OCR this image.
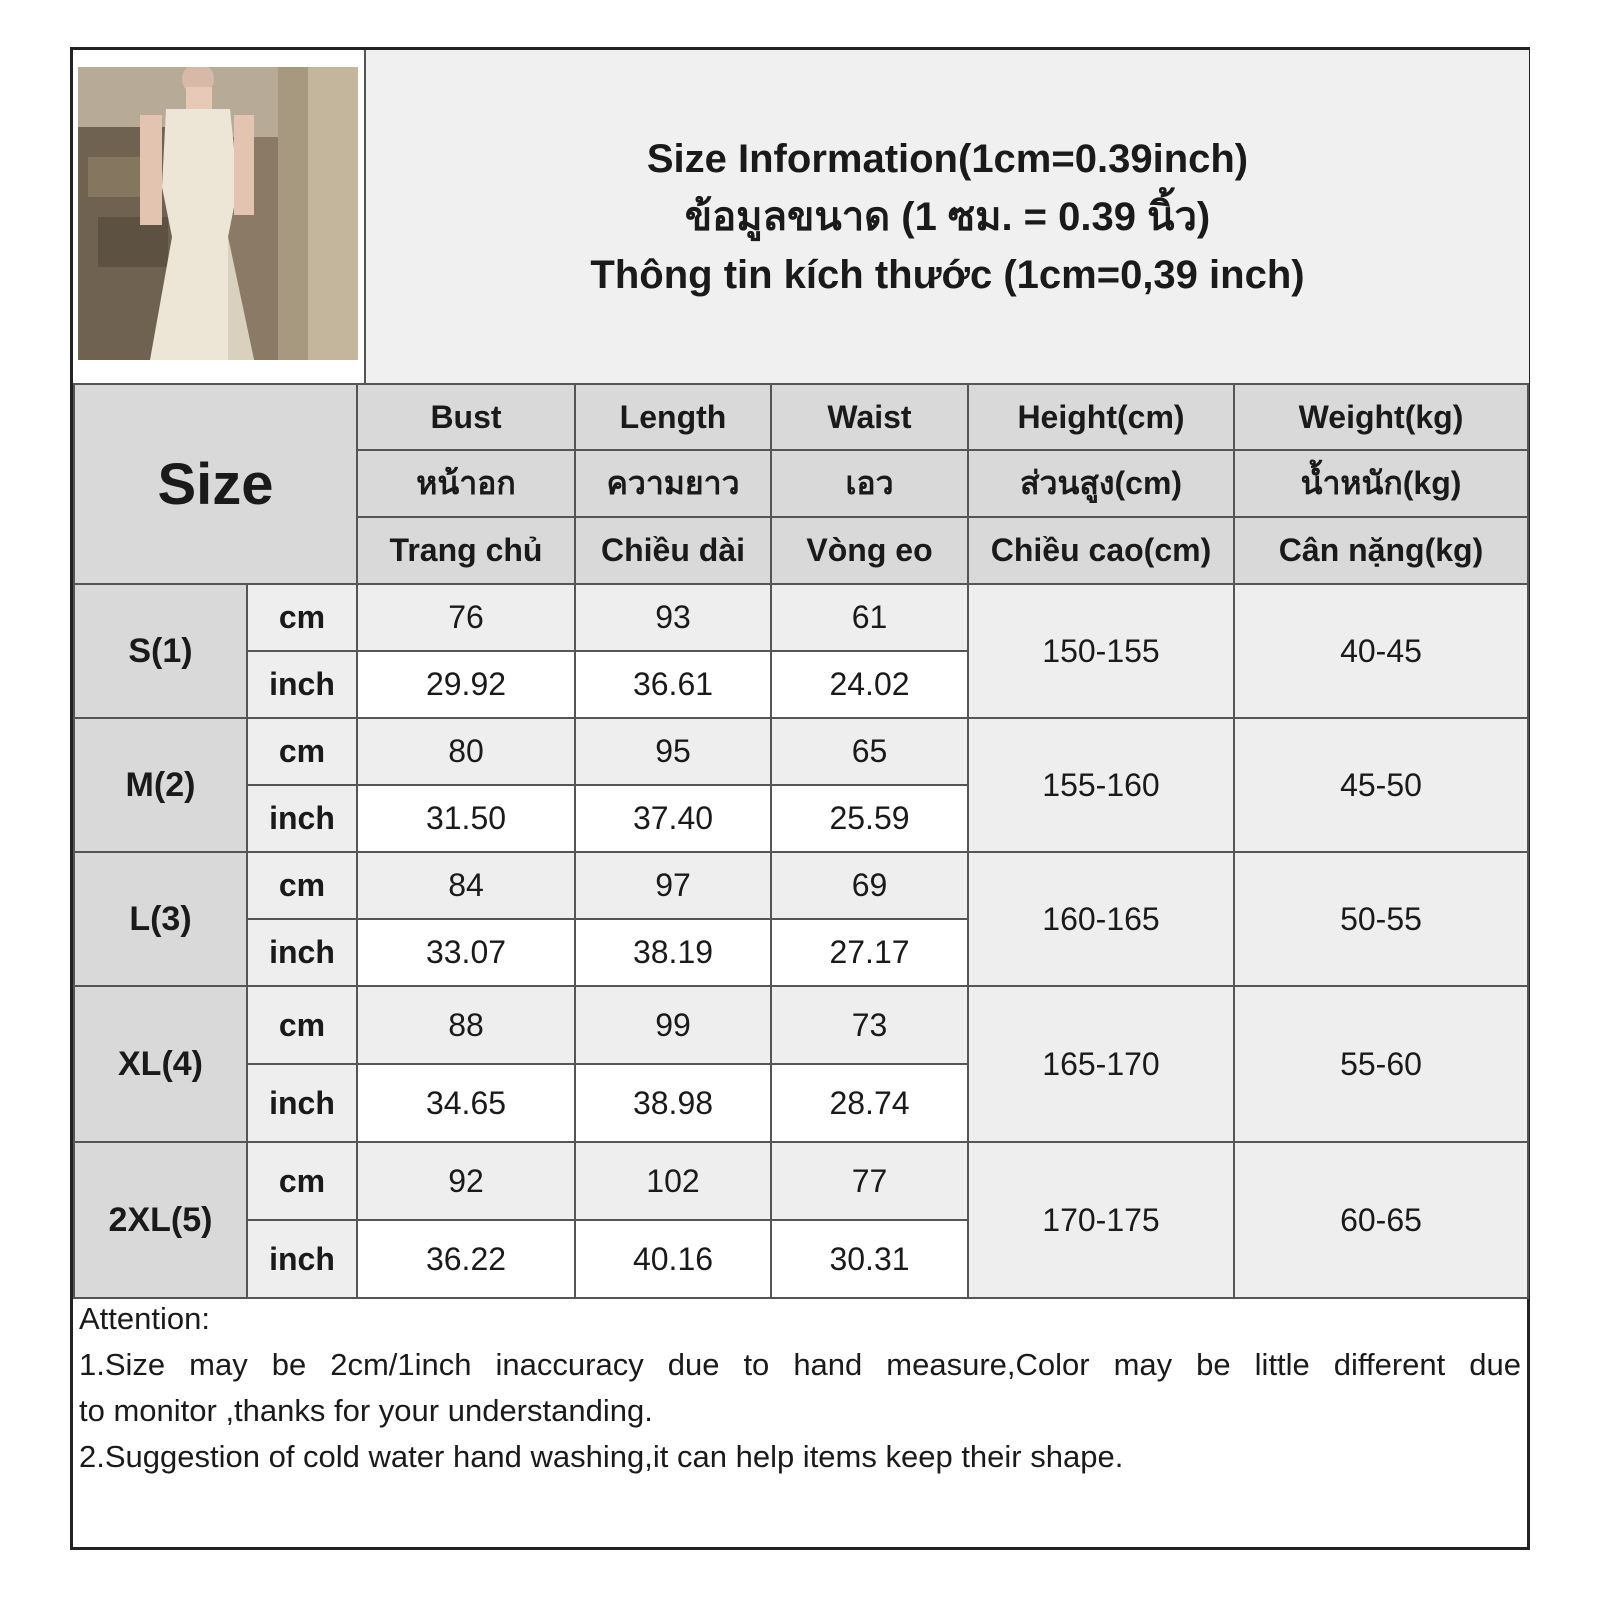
Size Information(1cm=0.39inch)
ข้อมูลขนาด (1 ซม. = 0.39 นิ้ว)
Thông tin kích thước (1cm=0,39 inch)
Size		Bust	Length	Waist	Height(cm)	Weight(kg)
		หน้าอก	ความยาว	เอว	ส่วนสูง(cm)	น้ำหนัก(kg)
		Trang chủ	Chiều dài	Vòng eo	Chiều cao(cm)	Cân nặng(kg)
S(1)	cm	76	93	61	150-155	40-45
	inch	29.92	36.61	24.02		
M(2)	cm	80	95	65	155-160	45-50
	inch	31.50	37.40	25.59		
L(3)	cm	84	97	69	160-165	50-55
	inch	33.07	38.19	27.17		
XL(4)	cm	88	99	73	165-170	55-60
	inch	34.65	38.98	28.74		
2XL(5)	cm	92	102	77	170-175	60-65
	inch	36.22	40.16	30.31		
Attention:
1.Size may be 2cm/1inch inaccuracy due to hand measure,Color may be little different due
to monitor ,thanks for your understanding.
2.Suggestion of cold water hand washing,it can help items keep their shape.
